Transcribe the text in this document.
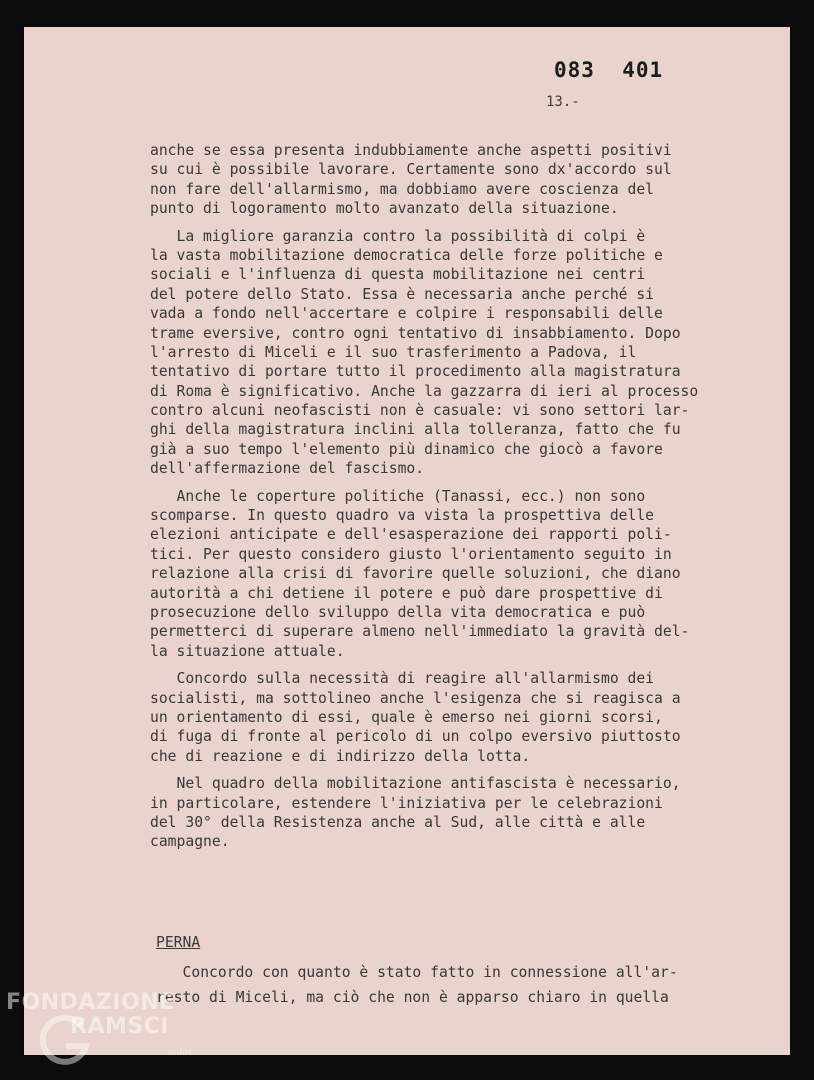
083  401
13.-
anche se essa presenta indubbiamente anche aspetti positivi
su cui è possibile lavorare. Certamente sono dx'accordo sul
non fare dell'allarmismo, ma dobbiamo avere coscienza del
punto di logoramento molto avanzato della situazione.
La migliore garanzia contro la possibilità di colpi è
la vasta mobilitazione democratica delle forze politiche e
sociali e l'influenza di questa mobilitazione nei centri
del potere dello Stato. Essa è necessaria anche perché si
vada a fondo nell'accertare e colpire i responsabili delle
trame eversive, contro ogni tentativo di insabbiamento. Dopo
l'arresto di Miceli e il suo trasferimento a Padova, il
tentativo di portare tutto il procedimento alla magistratura
di Roma è significativo. Anche la gazzarra di ieri al processo
contro alcuni neofascisti non è casuale: vi sono settori lar-
ghi della magistratura inclini alla tolleranza, fatto che fu
già a suo tempo l'elemento più dinamico che giocò a favore
dell'affermazione del fascismo.
Anche le coperture politiche (Tanassi, ecc.) non sono
scomparse. In questo quadro va vista la prospettiva delle
elezioni anticipate e dell'esasperazione dei rapporti poli-
tici. Per questo considero giusto l'orientamento seguito in
relazione alla crisi di favorire quelle soluzioni, che diano
autorità a chi detiene il potere e può dare prospettive di
prosecuzione dello sviluppo della vita democratica e può
permetterci di superare almeno nell'immediato la gravità del-
la situazione attuale.
Concordo sulla necessità di reagire all'allarmismo dei
socialisti, ma sottolineo anche l'esigenza che si reagisca a
un orientamento di essi, quale è emerso nei giorni scorsi,
di fuga di fronte al pericolo di un colpo eversivo piuttosto
che di reazione e di indirizzo della lotta.
Nel quadro della mobilitazione antifascista è necessario,
in particolare, estendere l'iniziativa per le celebrazioni
del 30° della Resistenza anche al Sud, alle città e alle
campagne.
PERNA
Concordo con quanto è stato fatto in connessione all'ar-
resto di Miceli, ma ciò che non è apparso chiaro in quella
FONDAZIONE
RAMSCI
onlus
